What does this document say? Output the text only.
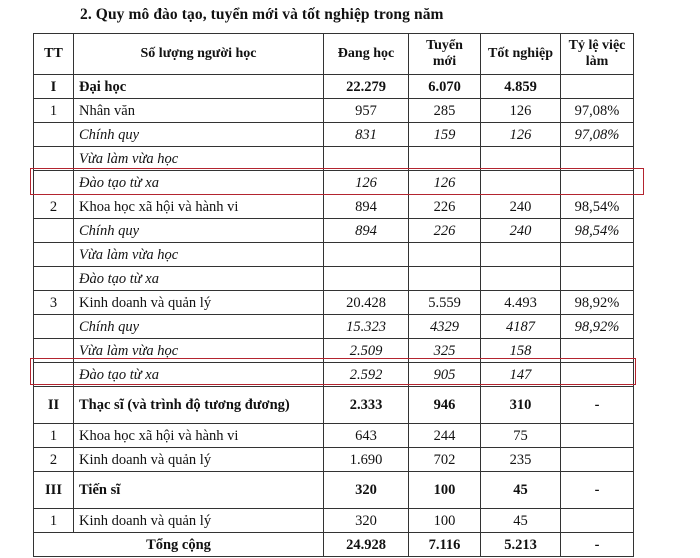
2. Quy mô đào tạo, tuyển mới và tốt nghiệp trong năm
TT	Số lượng người học	Đang học	Tuyển mới	Tốt nghiệp	Tỷ lệ việc làm
I	Đại học	22.279	6.070	4.859	
1	Nhân văn	957	285	126	97,08%
	Chính quy	831	159	126	97,08%
	Vừa làm vừa học				
	Đào tạo từ xa	126	126		
2	Khoa học xã hội và hành vi	894	226	240	98,54%
	Chính quy	894	226	240	98,54%
	Vừa làm vừa học				
	Đào tạo từ xa				
3	Kinh doanh và quản lý	20.428	5.559	4.493	98,92%
	Chính quy	15.323	4329	4187	98,92%
	Vừa làm vừa học	2.509	325	158	
	Đào tạo từ xa	2.592	905	147	
II	Thạc sĩ (và trình độ tương đương)	2.333	946	310	-
1	Khoa học xã hội và hành vi	643	244	75	
2	Kinh doanh và quản lý	1.690	702	235	
III	Tiến sĩ	320	100	45	-
1	Kinh doanh và quản lý	320	100	45	
Tổng cộng		24.928	7.116	5.213	-
